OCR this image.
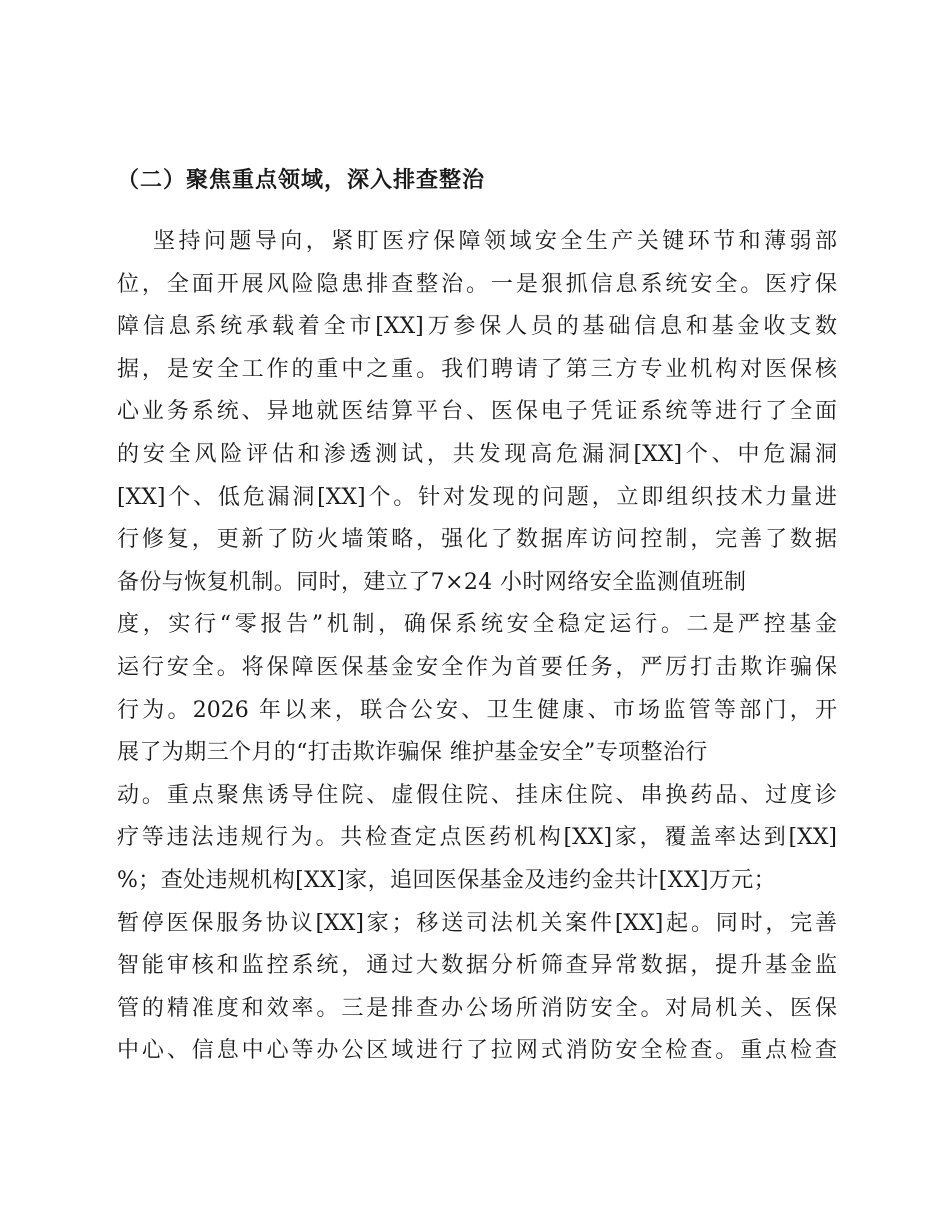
（二）聚焦重点领域，深入排查整治
坚持问题导向，紧盯医疗保障领域安全生产关键环节和薄弱部
位，全面开展风险隐患排查整治。一是狠抓信息系统安全。医疗保
障信息系统承载着全市[XX]万参保人员的基础信息和基金收支数
据，是安全工作的重中之重。我们聘请了第三方专业机构对医保核
心业务系统、异地就医结算平台、医保电子凭证系统等进行了全面
的安全风险评估和渗透测试，共发现高危漏洞[XX]个、中危漏洞
[XX]个、低危漏洞[XX]个。针对发现的问题，立即组织技术力量进
行修复，更新了防火墙策略，强化了数据库访问控制，完善了数据
备份与恢复机制。同时，建立了7×24 小时网络安全监测值班制
度，实行“零报告”机制，确保系统安全稳定运行。二是严控基金
运行安全。将保障医保基金安全作为首要任务，严厉打击欺诈骗保
行为。2026 年以来，联合公安、卫生健康、市场监管等部门，开
展了为期三个月的“打击欺诈骗保 维护基金安全”专项整治行
动。重点聚焦诱导住院、虚假住院、挂床住院、串换药品、过度诊
疗等违法违规行为。共检查定点医药机构[XX]家，覆盖率达到[XX]
%；查处违规机构[XX]家，追回医保基金及违约金共计[XX]万元；
暂停医保服务协议[XX]家；移送司法机关案件[XX]起。同时，完善
智能审核和监控系统，通过大数据分析筛查异常数据，提升基金监
管的精准度和效率。三是排查办公场所消防安全。对局机关、医保
中心、信息中心等办公区域进行了拉网式消防安全检查。重点检查
